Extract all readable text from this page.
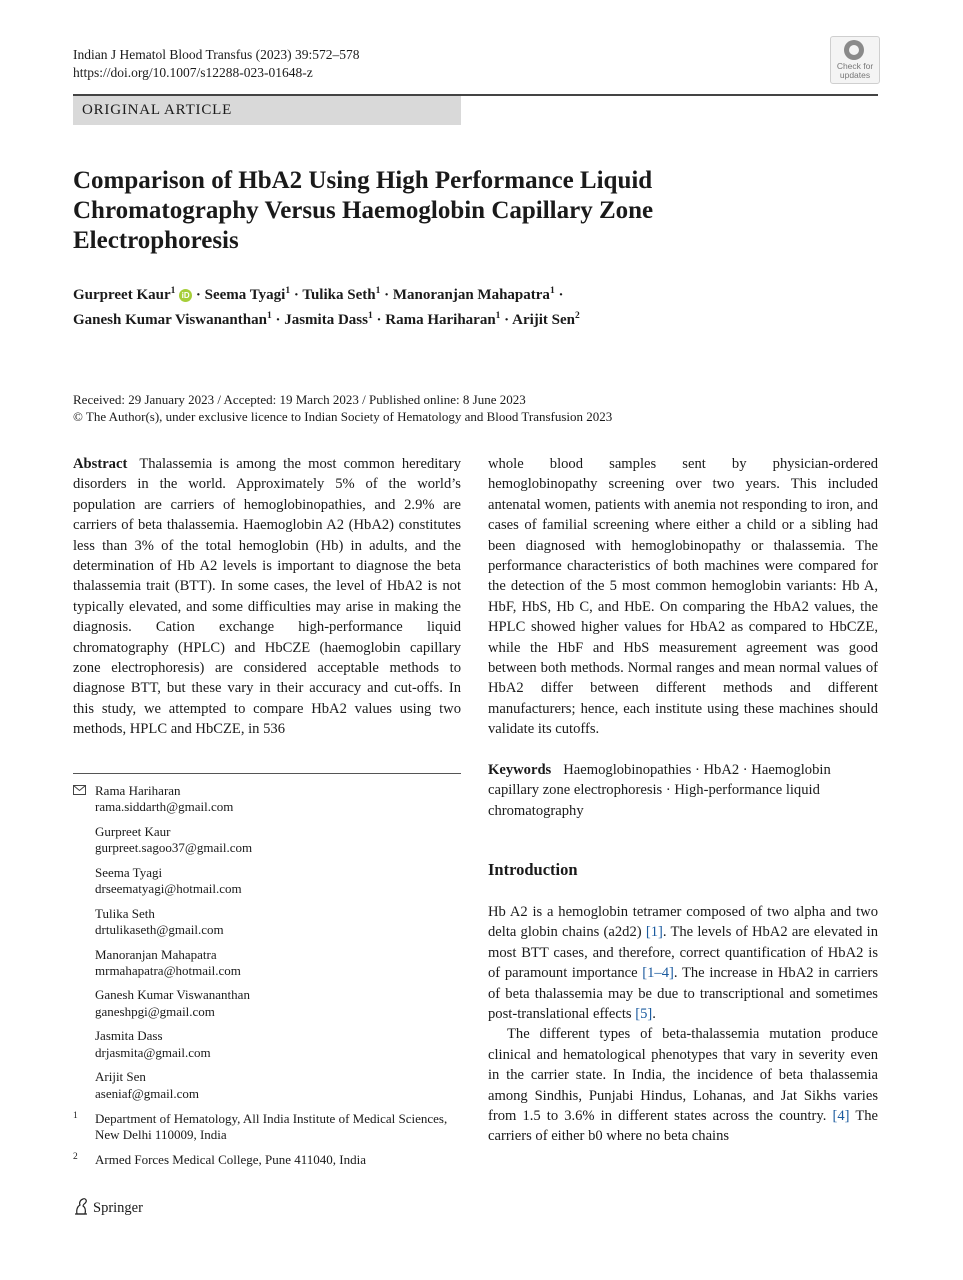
Indian J Hematol Blood Transfus (2023) 39:572–578
https://doi.org/10.1007/s12288-023-01648-z	Check for updates
ORIGINAL ARTICLE
Comparison of HbA2 Using High Performance Liquid Chromatography Versus Haemoglobin Capillary Zone Electrophoresis
Gurpreet Kaur$^1$ iD · Seema Tyagi$^1$ · Tulika Seth$^1$ · Manoranjan Mahapatra$^1$ ·
Ganesh Kumar Viswananthan$^1$ · Jasmita Dass$^1$ · Rama Hariharan$^1$ · Arijit Sen$^2$
Received: 29 January 2023 / Accepted: 19 March 2023 / Published online: 8 June 2023
© The Author(s), under exclusive licence to Indian Society of Hematology and Blood Transfusion 2023

Abstract Thalassemia is among the most common hereditary disorders in the world. Approximately 5% of the world’s population are carriers of hemoglobinopathies, and 2.9% are carriers of beta thalassemia. Haemoglobin A2 (HbA2) constitutes less than 3% of the total hemoglobin (Hb) in adults, and the determination of Hb A2 levels is important to diagnose the beta thalassemia trait (BTT). In some cases, the level of HbA2 is not typically elevated, and some difficulties may arise in making the diagnosis. Cation exchange high-performance liquid chromatography (HPLC) and HbCZE (haemoglobin capillary zone electrophoresis) are considered acceptable methods to diagnose BTT, but these vary in their accuracy and cut-offs. In this study, we attempted to compare HbA2 values using two methods, HPLC and HbCZE, in 536

whole blood samples sent by physician-ordered hemoglobinopathy screening over two years. This included antenatal women, patients with anemia not responding to iron, and cases of familial screening where either a child or a sibling had been diagnosed with hemoglobinopathy or thalassemia. The performance characteristics of both machines were compared for the detection of the 5 most common hemoglobin variants: Hb A, HbF, HbS, Hb C, and HbE. On comparing the HbA2 values, the HPLC showed higher values for HbA2 as compared to HbCZE, while the HbF and HbS measurement agreement was good between both methods. Normal ranges and mean normal values of HbA2 differ between different methods and different manufacturers; hence, each institute using these machines should validate its cutoffs.

Keywords Haemoglobinopathies · HbA2 · Haemoglobin capillary zone electrophoresis · High-performance liquid chromatography
Rama Hariharan
rama.siddarth@gmail.com
Gurpreet Kaur
gurpreet.sagoo37@gmail.com
Seema Tyagi
drseematyagi@hotmail.com
Tulika Seth
drtulikaseth@gmail.com
Manoranjan Mahapatra
mrmahapatra@hotmail.com
Ganesh Kumar Viswananthan
ganeshpgi@gmail.com
Jasmita Dass
drjasmita@gmail.com
Arijit Sen
aseniaf@gmail.com
1 Department of Hematology, All India Institute of Medical Sciences, New Delhi 110009, India
2 Armed Forces Medical College, Pune 411040, India
Introduction

Hb A2 is a hemoglobin tetramer composed of two alpha and two delta globin chains (a2d2) [1]. The levels of HbA2 are elevated in most BTT cases, and therefore, correct quantification of HbA2 is of paramount importance [1–4]. The increase in HbA2 in carriers of beta thalassemia may be due to transcriptional and sometimes post-translational effects [5].

The different types of beta-thalassemia mutation produce clinical and hematological phenotypes that vary in severity even in the carrier state. In India, the incidence of beta thalassemia among Sindhis, Punjabi Hindus, Lohanas, and Jat Sikhs varies from 1.5 to 3.6% in different states across the country. [4] The carriers of either b0 where no beta chains

Springer
